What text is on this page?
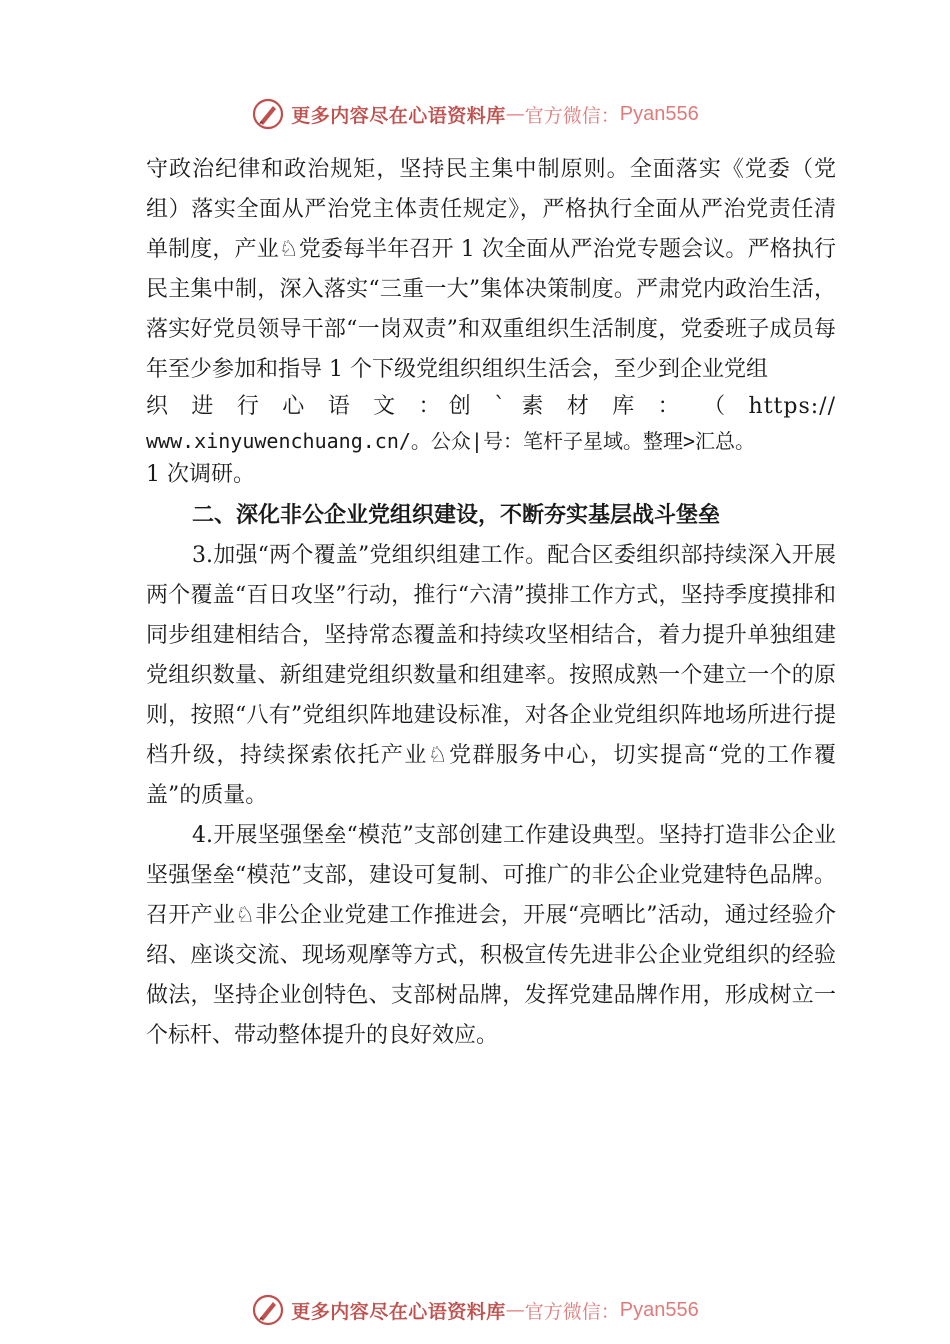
更多内容尽在心语资料库 — 官方微信： Pyan556

守政治纪律和政治规矩，坚持民主集中制原则。全面落实《党委（党组）落实全面从严治党主体责任规定》，严格执行全面从严治党责任清单制度，产业♘党委每半年召开 1 次全面从严治党专题会议。严格执行民主集中制，深入落实“三重一大”集体决策制度。严肃党内政治生活，落实好党员领导干部“一岗双责”和双重组织生活制度，党委班子成员每年至少参加和指导 1 个下级党组织组织生活会，至少到企业党组

织 进 行 心 语 文 ：创 ` 素 材 库 ： （ https://
www.xinyuwenchuang.cn/。公众|号：笔杆子星域。整理>汇总。

1 次调研。

二、深化非公企业党组织建设，不断夯实基层战斗堡垒

3.加强“两个覆盖”党组织组建工作。配合区委组织部持续深入开展两个覆盖“百日攻坚”行动，推行“六清”摸排工作方式，坚持季度摸排和同步组建相结合，坚持常态覆盖和持续攻坚相结合，着力提升单独组建党组织数量、新组建党组织数量和组建率。按照成熟一个建立一个的原则，按照“八有”党组织阵地建设标准，对各企业党组织阵地场所进行提档升级，持续探索依托产业♘党群服务中心，切实提高“党的工作覆盖”的质量。

4.开展坚强堡垒“模范”支部创建工作建设典型。坚持打造非公企业坚强堡垒“模范”支部，建设可复制、可推广的非公企业党建特色品牌。召开产业♘非公企业党建工作推进会，开展“亮晒比”活动，通过经验介绍、座谈交流、现场观摩等方式，积极宣传先进非公企业党组织的经验做法，坚持企业创特色、支部树品牌，发挥党建品牌作用，形成树立一个标杆、带动整体提升的良好效应。

更多内容尽在心语资料库 — 官方微信： Pyan556
